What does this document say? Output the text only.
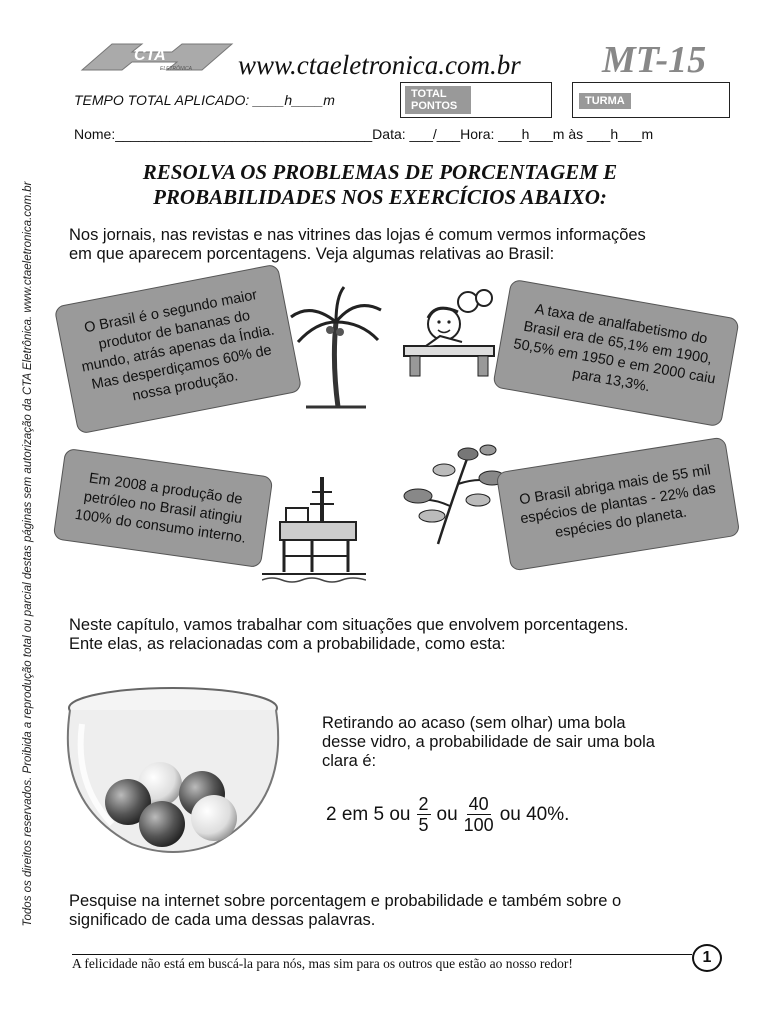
Todos os direitos reservados. Proibida a reprodução total ou parcial destas páginas sem autorização da CTA Eletrônica. www.ctaeletronica.com.br
CTA
ELETRÔNICA www.ctaeletronica.com.br MT-15
TEMPO TOTAL APLICADO: ____h____m	TOTAL PONTOS	TURMA
Nome:_________________________________Data: ___/___Hora: ___h___m às ___h___m
RESOLVA OS PROBLEMAS DE PORCENTAGEM E
PROBABILIDADES NOS EXERCÍCIOS ABAIXO:
Nos jornais, nas revistas e nas vitrines das lojas é comum vermos informações
em que aparecem porcentagens. Veja algumas relativas ao Brasil:
O Brasil é o segundo maior produtor de bananas do mundo, atrás apenas da Índia. Mas desperdiçamos 60% de nossa produção.
A taxa de analfabetismo do Brasil era de 65,1% em 1900, 50,5% em 1950 e em 2000 caiu para 13,3%.
Em 2008 a produção de petróleo no Brasil atingiu 100% do consumo interno.
O Brasil abriga mais de 55 mil espécios de plantas - 22% das espécies do planeta.
Neste capítulo, vamos trabalhar com situações que envolvem porcentagens.
Ente elas, as relacionadas com a probabilidade, como esta:
Retirando ao acaso (sem olhar) uma bola
desse vidro, a probabilidade de sair uma bola
clara é:
2 em 5 ou $\frac{2}{5}$ ou $\frac{40}{100}$ ou 40%.
Pesquise na internet sobre porcentagem e probabilidade e também sobre o
significado de cada uma dessas palavras.
A felicidade não está em buscá-la para nós, mas sim para os outros que estão ao nosso redor!	1
